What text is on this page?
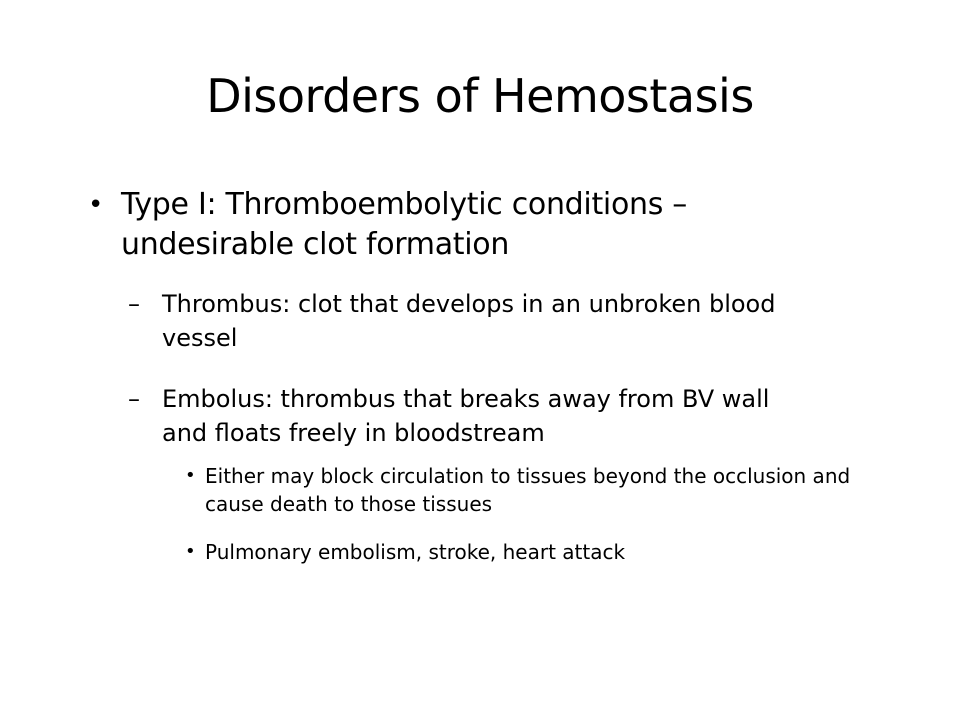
Disorders of Hemostasis
• Type I: Thromboembolytic conditions – undesirable clot formation
– Thrombus: clot that develops in an unbroken blood vessel
– Embolus: thrombus that breaks away from BV wall and floats freely in bloodstream
• Either may block circulation to tissues beyond the occlusion and cause death to those tissues
• Pulmonary embolism, stroke, heart attack
